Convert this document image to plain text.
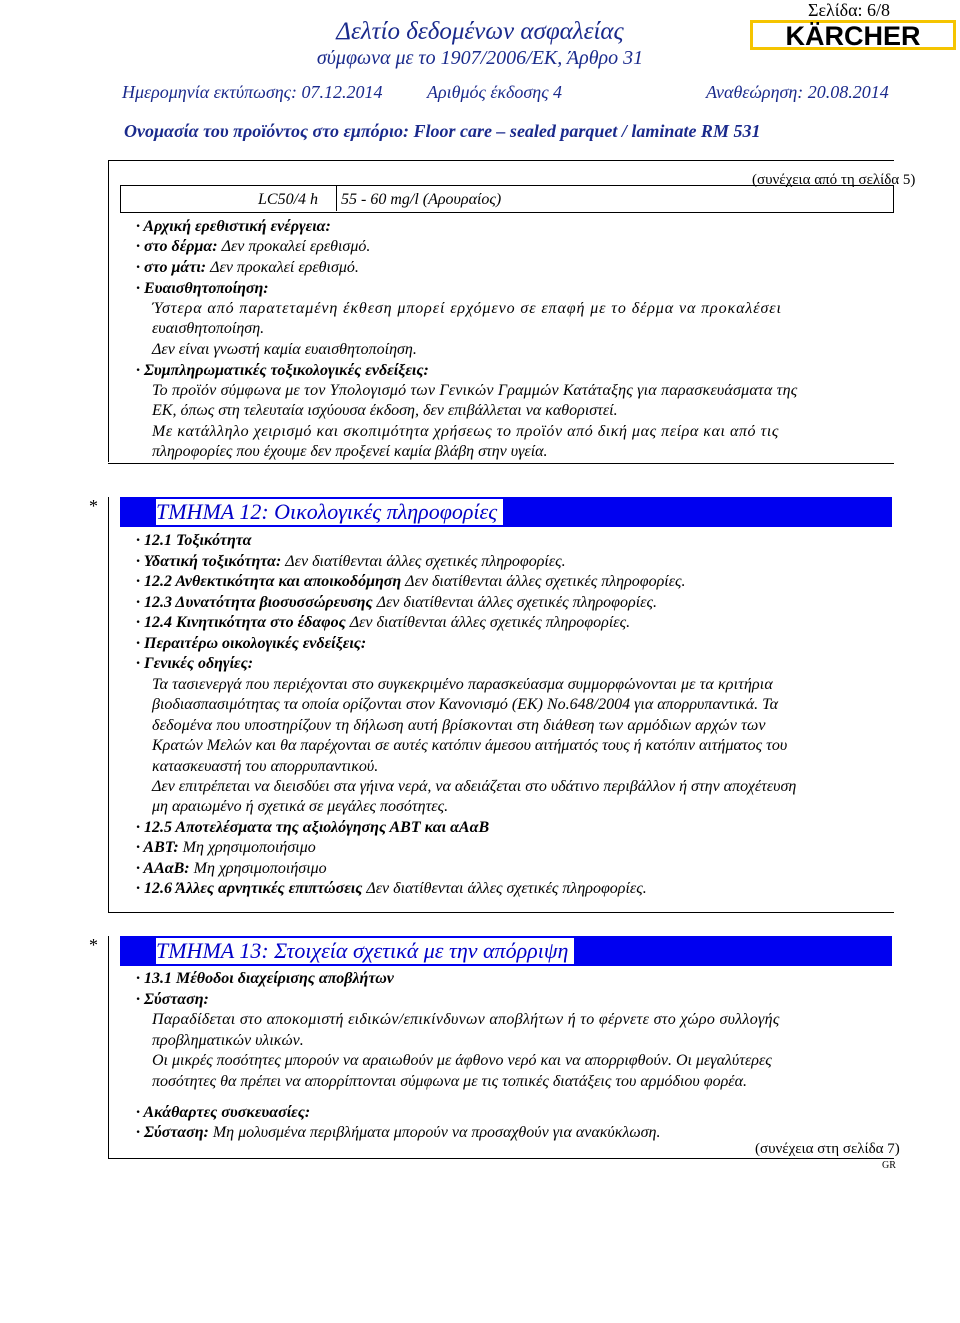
Σελίδα: 6/8
KÄRCHER
Δελτίο δεδομένων ασφαλείας
σύμφωνα με το 1907/2006/ΕΚ, Άρθρο 31
Ημερομηνία εκτύπωσης: 07.12.2014 Αριθμός έκδοσης 4	Αναθεώρηση: 20.08.2014
Ονομασία του προϊόντος στο εμπόριο: Floor care – sealed parquet / laminate RM 531
(συνέχεια από τη σελίδα 5)
LC50/4 h 55 - 60 mg/l (Αρουραίος)
· Αρχική ερεθιστική ενέργεια:
· στο δέρμα: Δεν προκαλεί ερεθισμό.
· στο μάτι: Δεν προκαλεί ερεθισμό.
· Ευαισθητοποίηση:
Ύστερα από παρατεταμένη έκθεση μπορεί ερχόμενο σε επαφή με το δέρμα να προκαλέσει
ευαισθητοποίηση.
Δεν είναι γνωστή καμία ευαισθητοποίηση.
· Συμπληρωματικές τοξικολογικές ενδείξεις:
Το προϊόν σύμφωνα με τον Υπολογισμό των Γενικών Γραμμών Κατάταξης για παρασκευάσματα της
ΕΚ, όπως στη τελευταία ισχύουσα έκδοση, δεν επιβάλλεται να καθοριστεί.
Με κατάλληλο χειρισμό και σκοπιμότητα χρήσεως το προϊόν από δική μας πείρα και από τις
πληροφορίες που έχουμε δεν προξενεί καμία βλάβη στην υγεία.
*	ΤΜΗΜΑ 12: Οικολογικές πληροφορίες
· 12.1 Τοξικότητα
· Υδατική τοξικότητα: Δεν διατίθενται άλλες σχετικές πληροφορίες.
· 12.2 Ανθεκτικότητα και αποικοδόμηση Δεν διατίθενται άλλες σχετικές πληροφορίες.
· 12.3 Δυνατότητα βιοσυσσώρευσης Δεν διατίθενται άλλες σχετικές πληροφορίες.
· 12.4 Κινητικότητα στο έδαφος Δεν διατίθενται άλλες σχετικές πληροφορίες.
· Περαιτέρω οικολογικές ενδείξεις:
· Γενικές οδηγίες:
Τα τασιενεργά που περιέχονται στο συγκεκριμένο παρασκεύασμα συμμορφώνονται με τα κριτήρια
βιοδιασπασιμότητας τα οποία ορίζονται στον Κανονισμό (ΕΚ) No.648/2004 για απορρυπαντικά. Τα
δεδομένα που υποστηρίζουν τη δήλωση αυτή βρίσκονται στη διάθεση των αρμόδιων αρχών των
Κρατών Μελών και θα παρέχονται σε αυτές κατόπιν άμεσου αιτήματός τους ή κατόπιν αιτήματος του
κατασκευαστή του απορρυπαντικού.
Δεν επιτρέπεται να διεισδύει στα γήινα νερά, να αδειάζεται στο υδάτινο περιβάλλον ή στην αποχέτευση
μη αραιωμένο ή σχετικά σε μεγάλες ποσότητες.
· 12.5 Αποτελέσματα της αξιολόγησης ΑΒΤ και αΑαΒ
· ΑΒΤ: Μη χρησιμοποιήσιμο
· ΑΑαΒ: Μη χρησιμοποιήσιμο
· 12.6 Άλλες αρνητικές επιπτώσεις Δεν διατίθενται άλλες σχετικές πληροφορίες.
*	ΤΜΗΜΑ 13: Στοιχεία σχετικά με την απόρριψη
· 13.1 Μέθοδοι διαχείρισης αποβλήτων
· Σύσταση:
Παραδίδεται στο αποκομιστή ειδικών/επικίνδυνων αποβλήτων ή το φέρνετε στο χώρο συλλογής
προβληματικών υλικών.
Οι μικρές ποσότητες μπορούν να αραιωθούν με άφθονο νερό και να απορριφθούν. Οι μεγαλύτερες
ποσότητες θα πρέπει να απορρίπτονται σύμφωνα με τις τοπικές διατάξεις του αρμόδιου φορέα.
· Ακάθαρτες συσκευασίες:
· Σύσταση: Μη μολυσμένα περιβλήματα μπορούν να προσαχθούν για ανακύκλωση.
(συνέχεια στη σελίδα 7)
GR
